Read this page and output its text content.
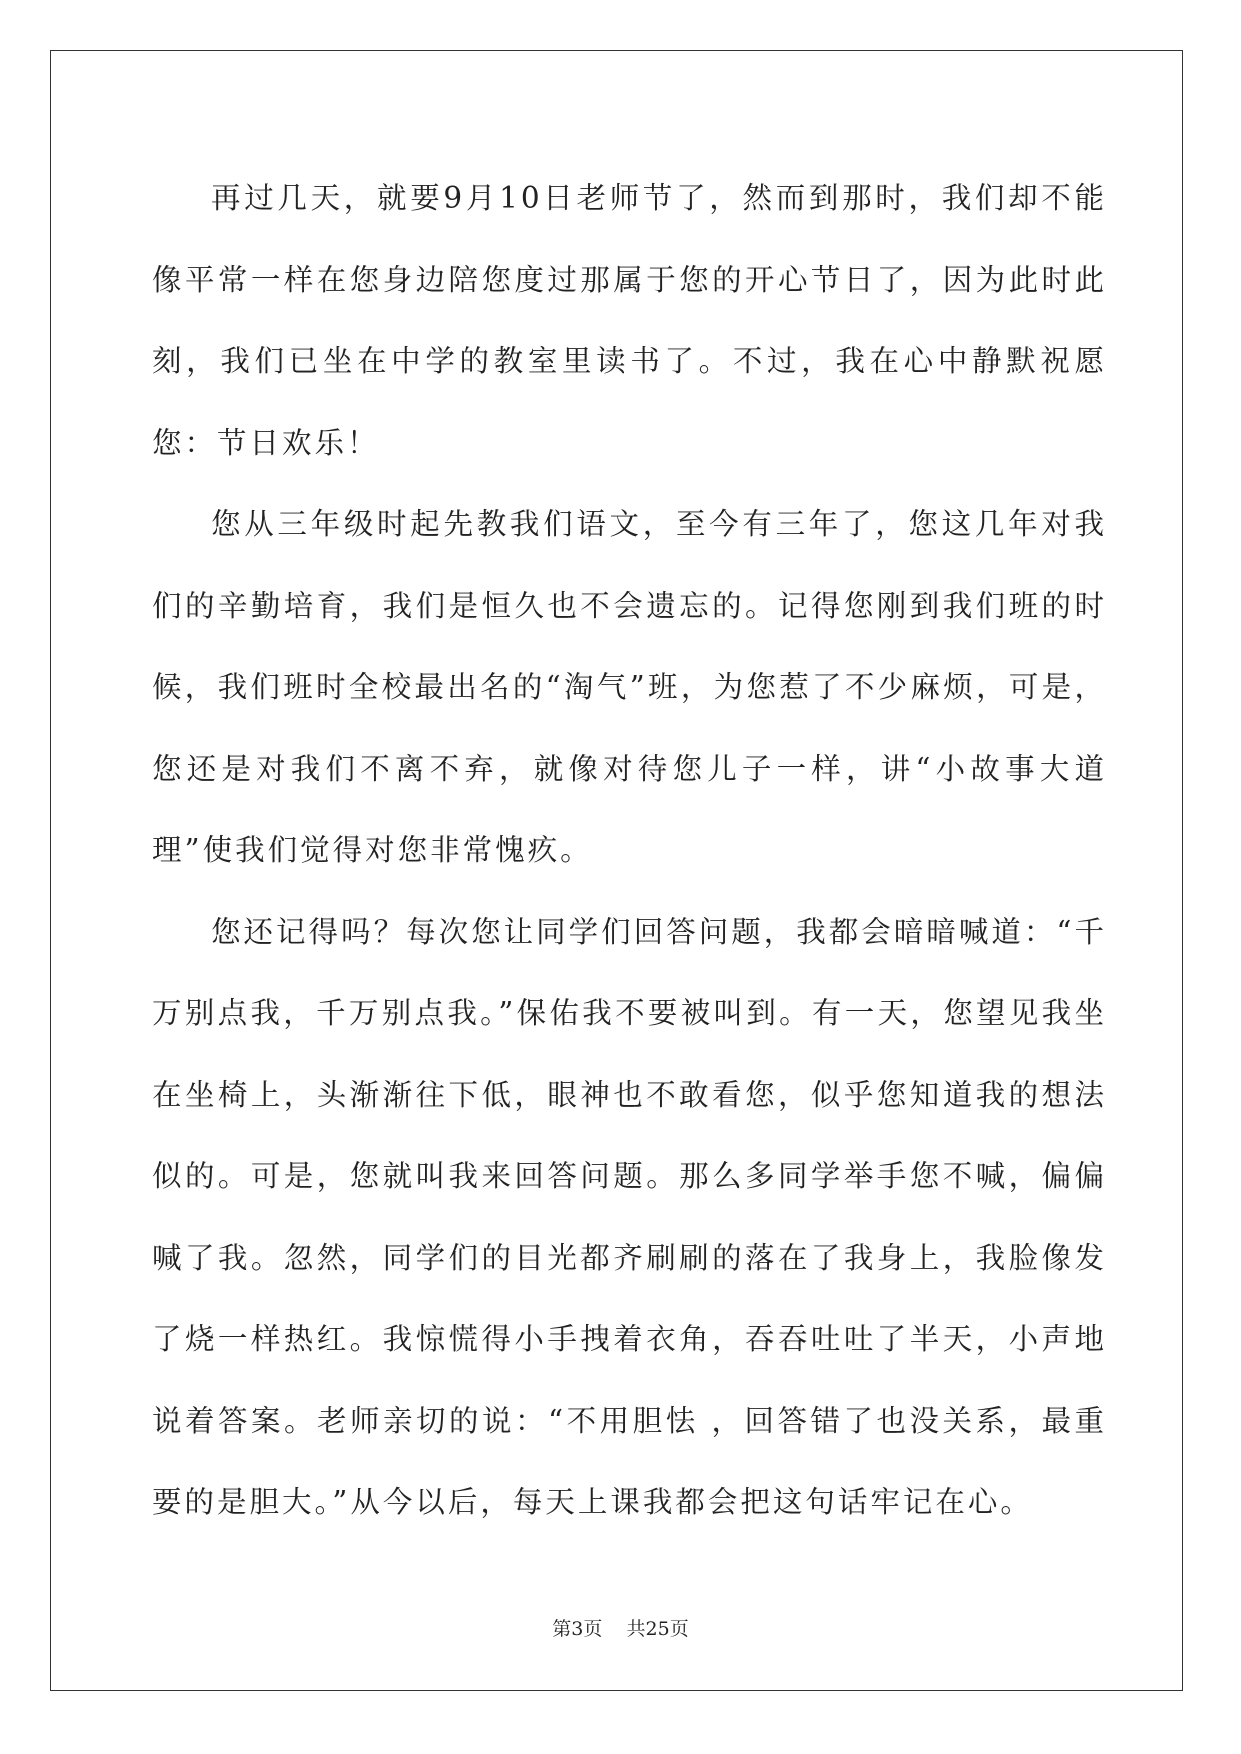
再过几天，就要9月10日老师节了，然而到那时，我们却不能像平常一样在您身边陪您度过那属于您的开心节日了，因为此时此刻，我们已坐在中学的教室里读书了。不过，我在心中静默祝愿您：节日欢乐！

您从三年级时起先教我们语文，至今有三年了，您这几年对我们的辛勤培育，我们是恒久也不会遗忘的。记得您刚到我们班的时候，我们班时全校最出名的“淘气”班，为您惹了不少麻烦，可是，您还是对我们不离不弃，就像对待您儿子一样，讲“小故事大道理”使我们觉得对您非常愧疚。

您还记得吗？每次您让同学们回答问题，我都会暗暗喊道：“千万别点我，千万别点我。”保佑我不要被叫到。有一天，您望见我坐在坐椅上，头渐渐往下低，眼神也不敢看您，似乎您知道我的想法似的。可是，您就叫我来回答问题。那么多同学举手您不喊，偏偏喊了我。忽然，同学们的目光都齐刷刷的落在了我身上，我脸像发了烧一样热红。我惊慌得小手拽着衣角，吞吞吐吐了半天，小声地说着答案。老师亲切的说：“不用胆怯 ，回答错了也没关系，最重要的是胆大。”从今以后，每天上课我都会把这句话牢记在心。

第3页    共25页
